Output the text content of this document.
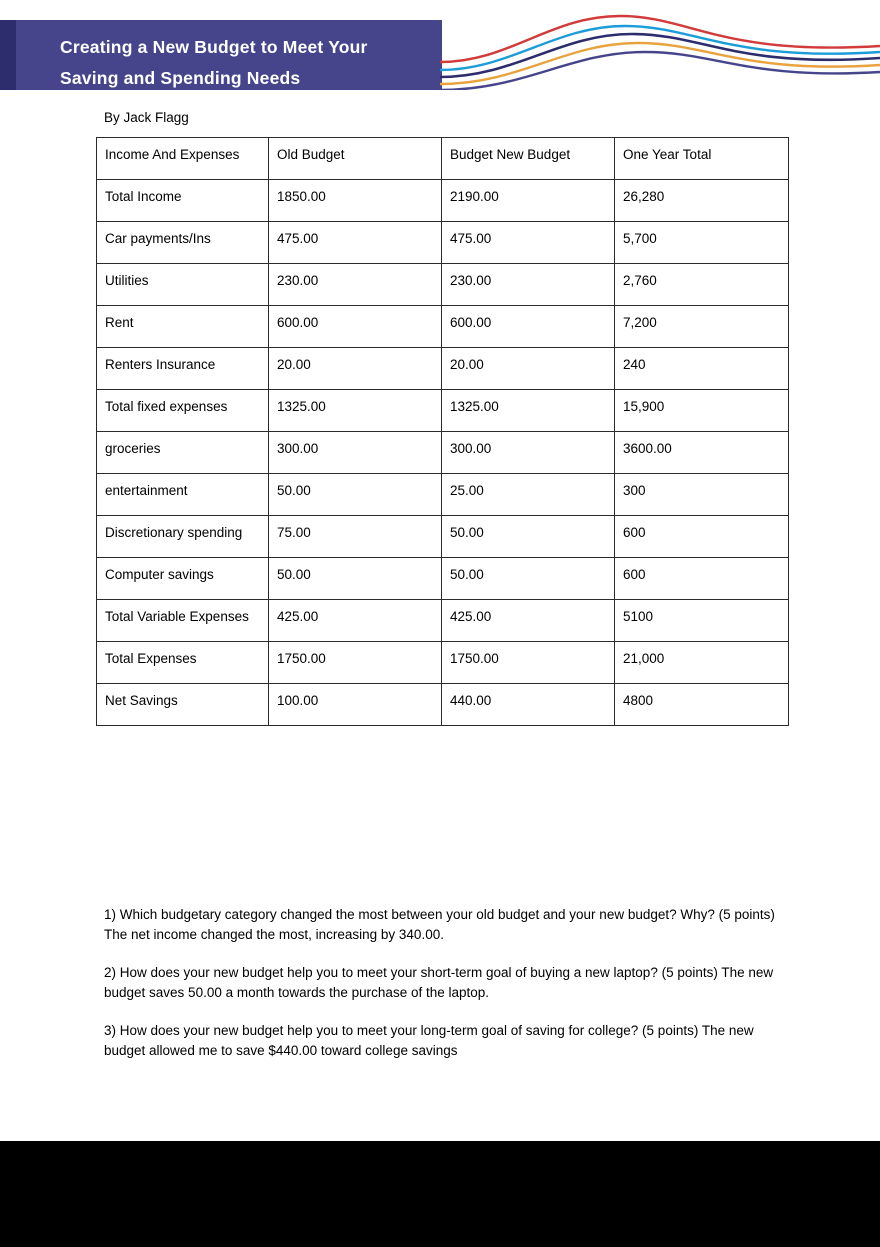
Creating a New Budget to Meet Your
Saving and Spending Needs
By Jack Flagg
Income And Expenses	Old Budget	Budget New Budget	One Year Total
Total Income	1850.00	2190.00	26,280
Car payments/Ins	475.00	475.00	5,700
Utilities	230.00	230.00	2,760
Rent	600.00	600.00	7,200
Renters Insurance	20.00	20.00	240
Total fixed expenses	1325.00	1325.00	15,900
groceries	300.00	300.00	3600.00
entertainment	50.00	25.00	300
Discretionary spending	75.00	50.00	600
Computer savings	50.00	50.00	600
Total Variable Expenses	425.00	425.00	5100
Total Expenses	1750.00	1750.00	21,000
Net Savings	100.00	440.00	4800

1) Which budgetary category changed the most between your old budget and your new budget? Why? (5 points) The net income changed the most, increasing by 340.00.

2) How does your new budget help you to meet your short-term goal of buying a new laptop? (5 points) The new budget saves 50.00 a month towards the purchase of the laptop.

3) How does your new budget help you to meet your long-term goal of saving for college? (5 points) The new budget allowed me to save $440.00 toward college savings
